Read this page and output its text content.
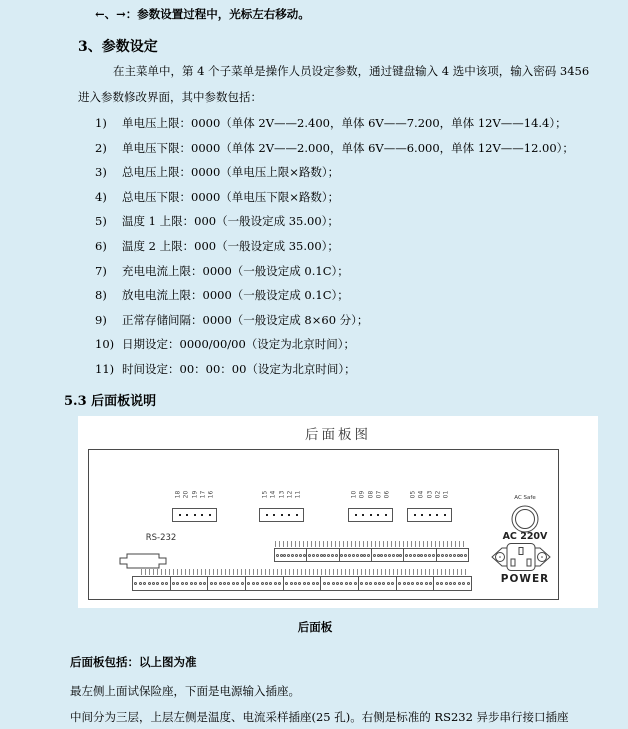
←、→：参数设置过程中，光标左右移动。
3、参数设定
在主菜单中，第 4 个子菜单是操作人员设定参数，通过键盘输入 4 选中该项，输入密码 3456
进入参数修改界面，其中参数包括：
1)	单电压上限：0000（单体 2V——2.400，单体 6V——7.200，单体 12V——14.4）；
2)	单电压下限：0000（单体 2V——2.000，单体 6V——6.000，单体 12V——12.00）；
3)	总电压上限：0000（单电压上限×路数）；
4)	总电压下限：0000（单电压下限×路数）；
5)	温度 1 上限：000（一般设定成 35.00）；
6)	温度 2 上限：000（一般设定成 35.00）；
7)	充电电流上限：0000（一般设定成 0.1C）；
8)	放电电流上限：0000（一般设定成 0.1C）；
9)	正常存储间隔：0000（一般设定成 8×60 分）；
10) 日期设定：0000/00/00（设定为北京时间）；
11) 时间设定：00：00：00（设定为北京时间）；
5.3 后面板说明
后面板图
18 20 19 17 16	15 14 13 12 11	10 09 08 07 06	05 04 03 02 01
RS-232
AC Safe
AC 220V
POWER
后面板
后面板包括：以上图为准
最左侧上面试保险座，下面是电源输入插座。
中间分为三层，上层左侧是温度、电流采样插座(25 孔)。右侧是标准的 RS232 异步串行接口插座
